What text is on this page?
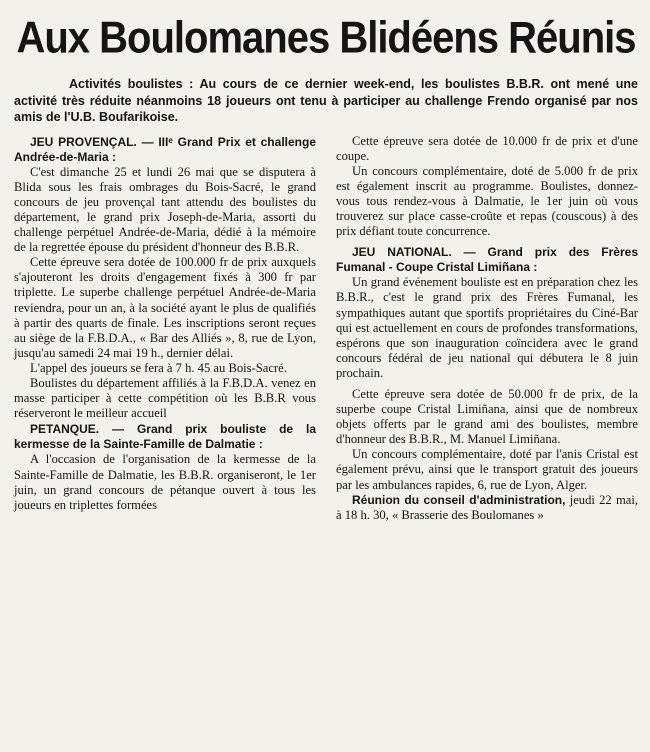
Aux Boulomanes Blidéens Réunis

Activités boulistes : Au cours de ce dernier week-end, les boulistes B.B.R. ont mené une activité très réduite néanmoins 18 joueurs ont tenu à participer au challenge Frendo organisé par nos amis de l'U.B. Boufarikoise.

JEU PROVENÇAL. — IIIᵉ Grand Prix et challenge Andrée-de-Maria :

C'est dimanche 25 et lundi 26 mai que se disputera à Blida sous les frais ombrages du Bois-Sacré, le grand concours de jeu provençal tant attendu des boulistes du département, le grand prix Joseph-de-Maria, assorti du challenge perpétuel Andrée-de-Maria, dédié à la mémoire de la regrettée épouse du président d'honneur des B.B.R.

Cette épreuve sera dotée de 100.000 fr de prix auxquels s'ajouteront les droits d'engagement fixés à 300 fr par triplette. Le superbe challenge perpétuel Andrée-de-Maria reviendra, pour un an, à la société ayant le plus de qualifiés à partir des quarts de finale. Les inscriptions seront reçues au siège de la F.B.D.A., « Bar des Alliés », 8, rue de Lyon, jusqu'au samedi 24 mai 19 h., dernier délai.

L'appel des joueurs se fera à 7 h. 45 au Bois-Sacré.

Boulistes du département affiliés à la F.B.D.A. venez en masse participer à cette compétition où les B.B.R vous réserveront le meilleur accueil

PETANQUE. — Grand prix bouliste de la kermesse de la Sainte-Famille de Dalmatie :

A l'occasion de l'organisation de la kermesse de la Sainte-Famille de Dalmatie, les B.B.R. organiseront, le 1er juin, un grand concours de pétanque ouvert à tous les joueurs en triplettes formées

Cette épreuve sera dotée de 10.000 fr de prix et d'une coupe.

Un concours complémentaire, doté de 5.000 fr de prix est également inscrit au programme. Boulistes, donnez-vous tous rendez-vous à Dalmatie, le 1er juin où vous trouverez sur place casse-croûte et repas (couscous) à des prix défiant toute concurrence.

JEU NATIONAL. — Grand prix des Frères Fumanal - Coupe Cristal Limiñana :

Un grand événement bouliste est en préparation chez les B.B.R., c'est le grand prix des Frères Fumanal, les sympathiques autant que sportifs propriétaires du Ciné-Bar qui est actuellement en cours de profondes transformations, espérons que son inauguration coïncidera avec le grand concours fédéral de jeu national qui débutera le 8 juin prochain.

Cette épreuve sera dotée de 50.000 fr de prix, de la superbe coupe Cristal Limiñana, ainsi que de nombreux objets offerts par le grand ami des boulistes, membre d'honneur des B.B.R., M. Manuel Limiñana.

Un concours complémentaire, doté par l'anis Cristal est également prévu, ainsi que le transport gratuit des joueurs par les ambulances rapides, 6, rue de Lyon, Alger.

Réunion du conseil d'administration, jeudi 22 mai, à 18 h. 30, « Brasserie des Boulomanes »
